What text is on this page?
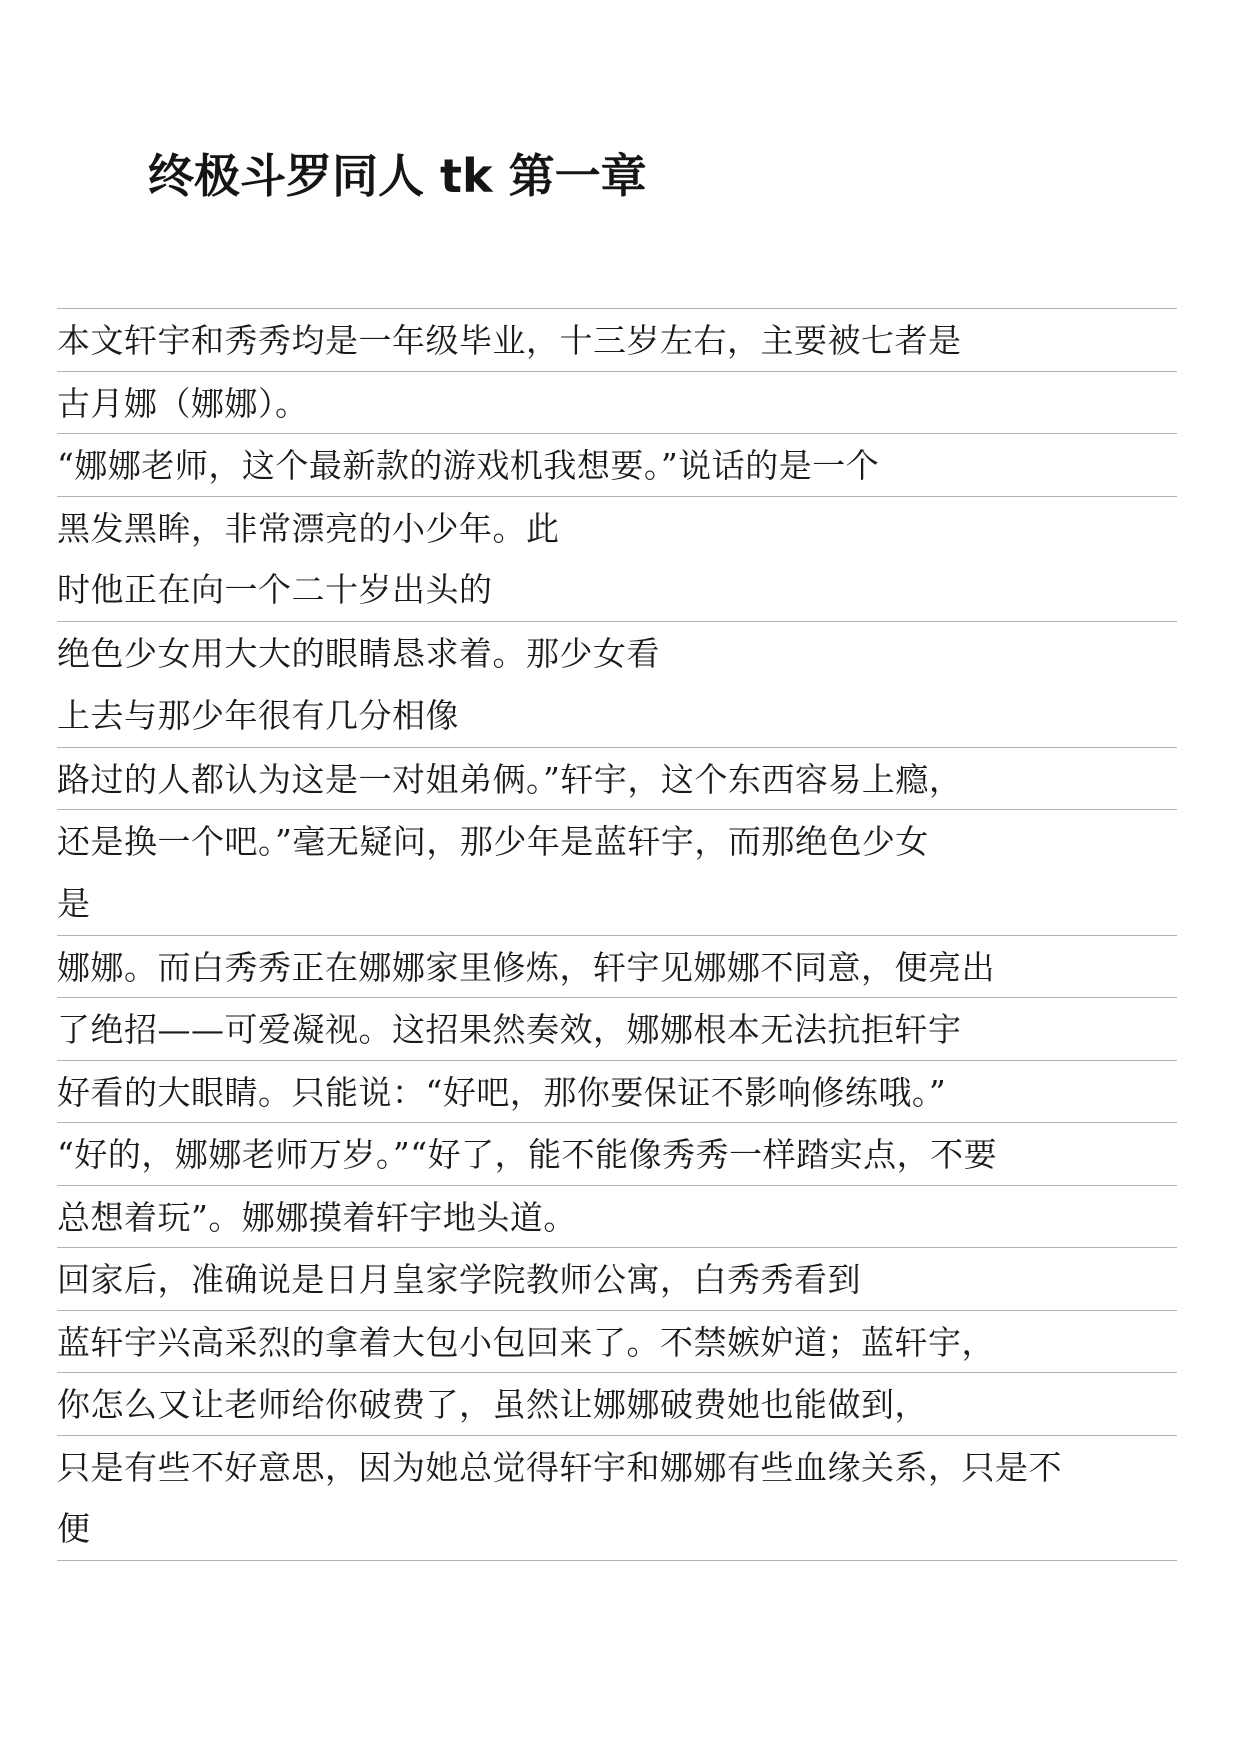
终极斗罗同人 tk 第一章
本文轩宇和秀秀均是一年级毕业，十三岁左右，主要被七者是
古月娜（娜娜）。
“娜娜老师，这个最新款的游戏机我想要。”说话的是一个
黑发黑眸，非常漂亮的小少年。此
时他正在向一个二十岁出头的
绝色少女用大大的眼睛恳求着。那少女看
上去与那少年很有几分相像
路过的人都认为这是一对姐弟俩。”轩宇，这个东西容易上瘾，
还是换一个吧。”毫无疑问，那少年是蓝轩宇，而那绝色少女
是
娜娜。而白秀秀正在娜娜家里修炼，轩宇见娜娜不同意，便亮出
了绝招——可爱凝视。这招果然奏效，娜娜根本无法抗拒轩宇
好看的大眼睛。只能说：“好吧，那你要保证不影响修练哦。”
“好的，娜娜老师万岁。”“好了，能不能像秀秀一样踏实点，不要
总想着玩”。娜娜摸着轩宇地头道。
回家后，准确说是日月皇家学院教师公寓，白秀秀看到
蓝轩宇兴高采烈的拿着大包小包回来了。不禁嫉妒道；蓝轩宇，
你怎么又让老师给你破费了，虽然让娜娜破费她也能做到，
只是有些不好意思，因为她总觉得轩宇和娜娜有些血缘关系，只是不
便
